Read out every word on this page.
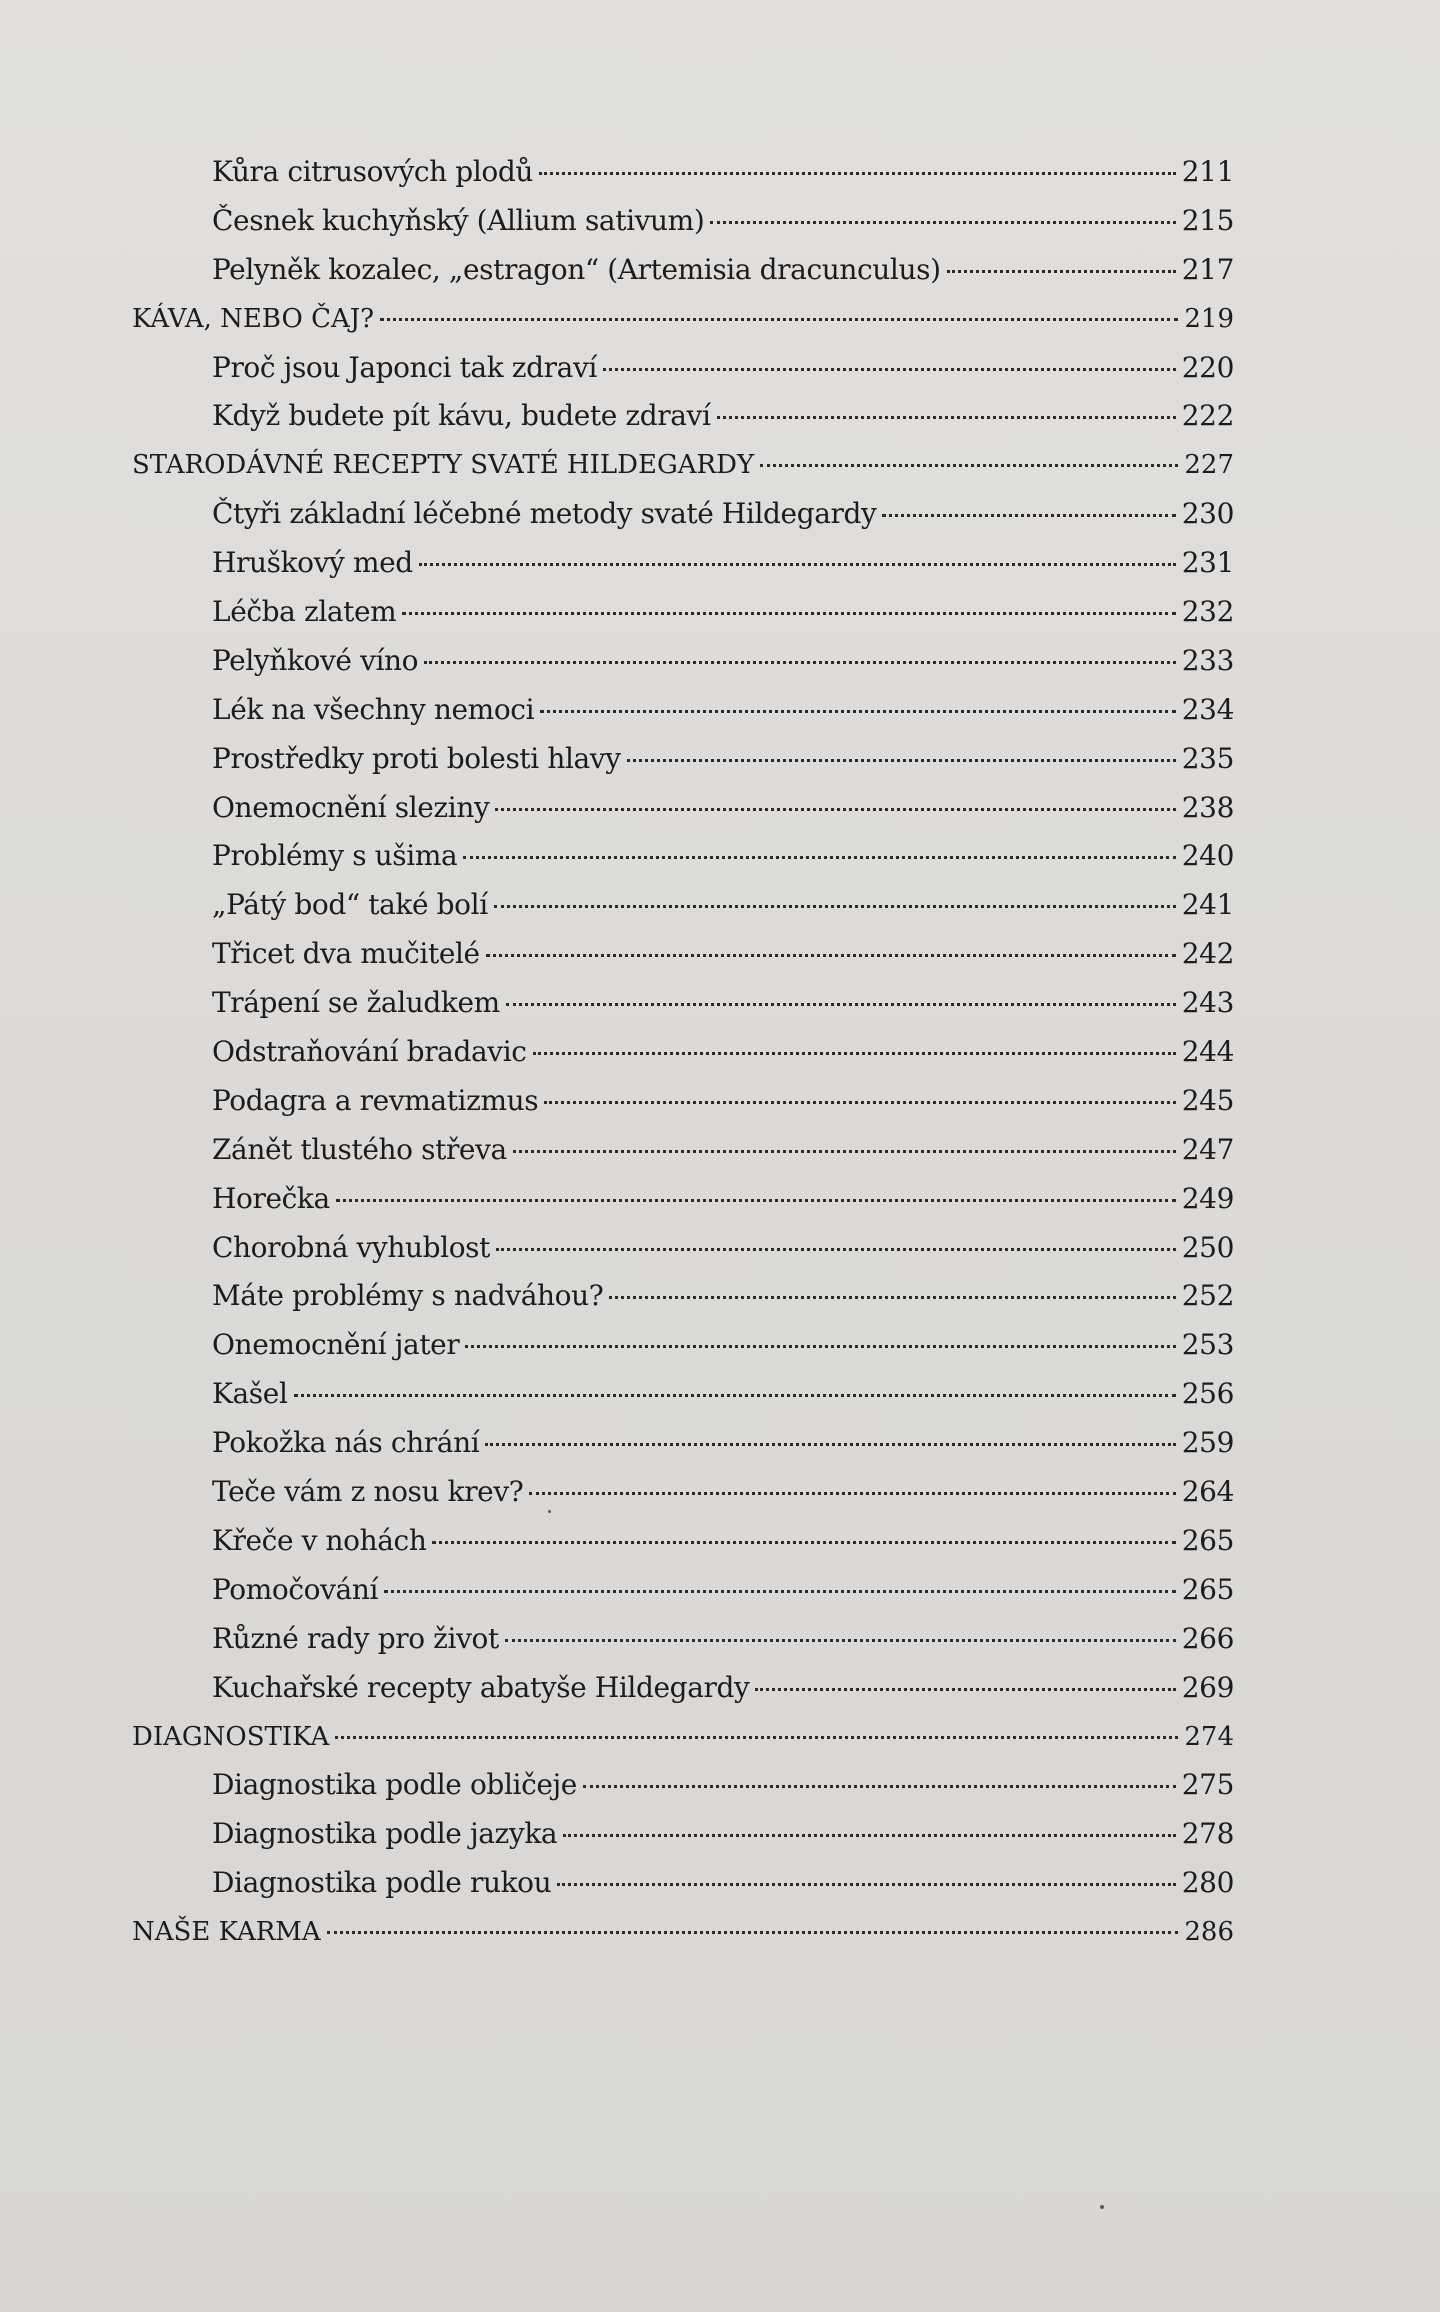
Kůra citrusových plodů	211
Česnek kuchyňský (Allium sativum)	215
Pelyněk kozalec, „estragon“ (Artemisia dracunculus)	217
KÁVA, NEBO ČAJ?	219
Proč jsou Japonci tak zdraví	220
Když budete pít kávu, budete zdraví	222
STARODÁVNÉ RECEPTY SVATÉ HILDEGARDY	227
Čtyři základní léčebné metody svaté Hildegardy	230
Hruškový med	231
Léčba zlatem	232
Pelyňkové víno	233
Lék na všechny nemoci	234
Prostředky proti bolesti hlavy	235
Onemocnění sleziny	238
Problémy s ušima	240
„Pátý bod“ také bolí	241
Třicet dva mučitelé	242
Trápení se žaludkem	243
Odstraňování bradavic	244
Podagra a revmatizmus	245
Zánět tlustého střeva	247
Horečka	249
Chorobná vyhublost	250
Máte problémy s nadváhou?	252
Onemocnění jater	253
Kašel	256
Pokožka nás chrání	259
Teče vám z nosu krev?	264
Křeče v nohách	265
Pomočování	265
Různé rady pro život	266
Kuchařské recepty abatyše Hildegardy	269
DIAGNOSTIKA	274
Diagnostika podle obličeje	275
Diagnostika podle jazyka	278
Diagnostika podle rukou	280
NAŠE KARMA	286
